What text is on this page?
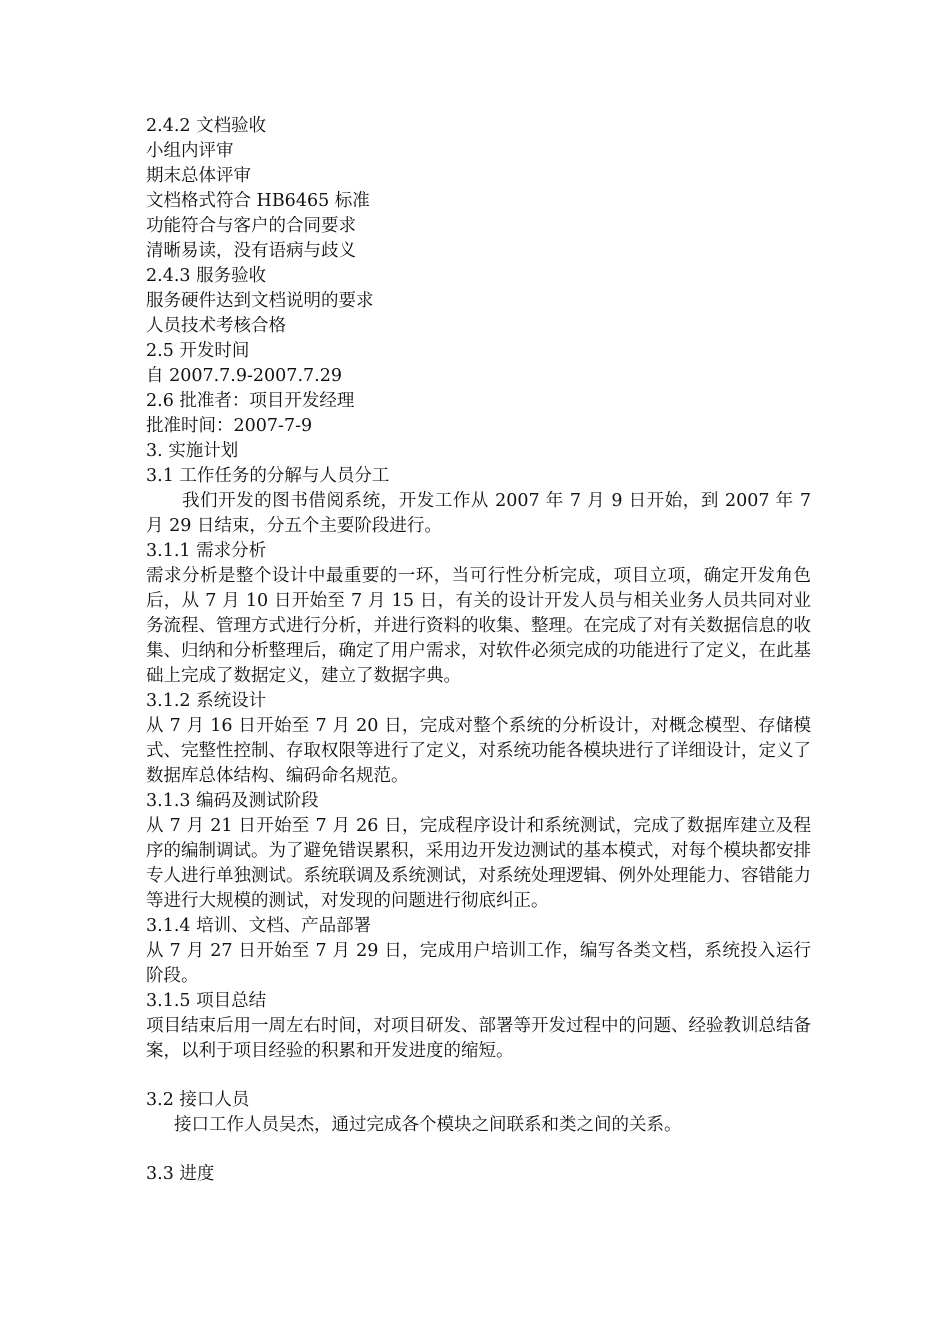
2.4.2 文档验收
小组内评审
期末总体评审
文档格式符合 HB6465 标准
功能符合与客户的合同要求
清晰易读，没有语病与歧义
2.4.3 服务验收
服务硬件达到文档说明的要求
人员技术考核合格
2.5 开发时间
自 2007.7.9-2007.7.29
2.6 批准者：项目开发经理
批准时间：2007-7-9
3. 实施计划
3.1 工作任务的分解与人员分工
我们开发的图书借阅系统，开发工作从 2007 年 7 月 9 日开始，到 2007 年 7 月 29 日结束，分五个主要阶段进行。
3.1.1 需求分析
需求分析是整个设计中最重要的一环，当可行性分析完成，项目立项，确定开发角色后，从 7 月 10 日开始至 7 月 15 日，有关的设计开发人员与相关业务人员共同对业务流程、管理方式进行分析，并进行资料的收集、整理。在完成了对有关数据信息的收集、归纳和分析整理后，确定了用户需求，对软件必须完成的功能进行了定义，在此基础上完成了数据定义，建立了数据字典。
3.1.2 系统设计
从 7 月 16 日开始至 7 月 20 日，完成对整个系统的分析设计，对概念模型、存储模式、完整性控制、存取权限等进行了定义，对系统功能各模块进行了详细设计，定义了数据库总体结构、编码命名规范。
3.1.3 编码及测试阶段
从 7 月 21 日开始至 7 月 26 日，完成程序设计和系统测试，完成了数据库建立及程序的编制调试。为了避免错误累积，采用边开发边测试的基本模式，对每个模块都安排专人进行单独测试。系统联调及系统测试，对系统处理逻辑、例外处理能力、容错能力等进行大规模的测试，对发现的问题进行彻底纠正。
3.1.4 培训、文档、产品部署
从 7 月 27 日开始至 7 月 29 日，完成用户培训工作，编写各类文档，系统投入运行阶段。
3.1.5 项目总结
项目结束后用一周左右时间，对项目研发、部署等开发过程中的问题、经验教训总结备案，以利于项目经验的积累和开发进度的缩短。
3.2 接口人员
接口工作人员吴杰，通过完成各个模块之间联系和类之间的关系。
3.3 进度
